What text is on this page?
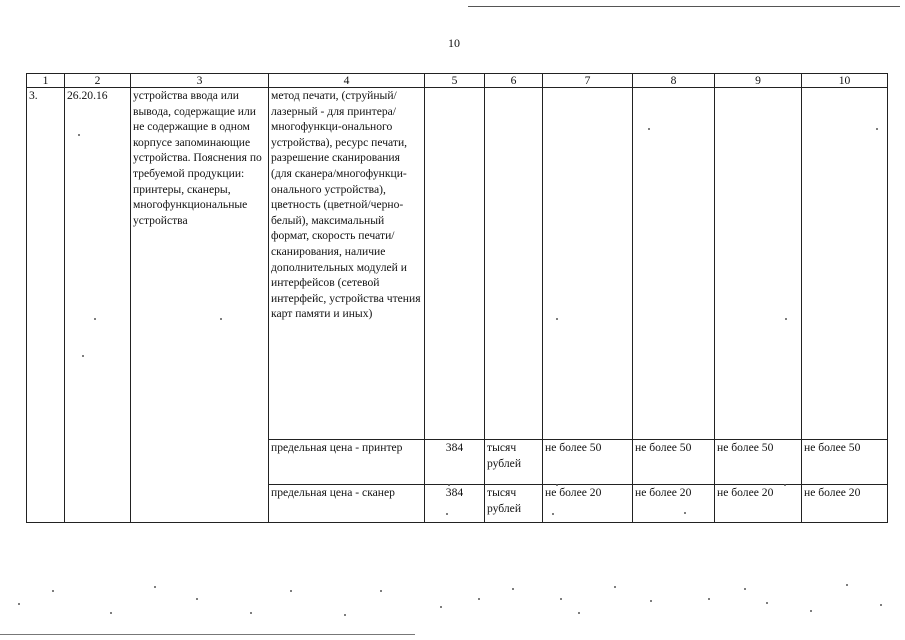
10
1	2	3	4	5	6	7	8	9	10
3.	26.20.16	устройства ввода или вывода, содержащие или не содержащие в одном корпусе запоминающие устройства. Пояснения по требуемой продукции: принтеры, сканеры, многофункциональные устройства	метод печати, (струйный/лазерный - для принтера/многофункци-онального устройства), ресурс печати, разрешение сканирования (для сканера/многофункци-онального устройства), цветность (цветной/черно-белый), максимальный формат, скорость печати/сканирования, наличие дополнительных модулей и интерфейсов (сетевой интерфейс, устройства чтения карт памяти и иных)						
			предельная цена - принтер	384	тысяч рублей	не более 50	не более 50	не более 50	не более 50
			предельная цена - сканер	384	тысяч рублей	не более 20	не более 20	не более 20	не более 20
